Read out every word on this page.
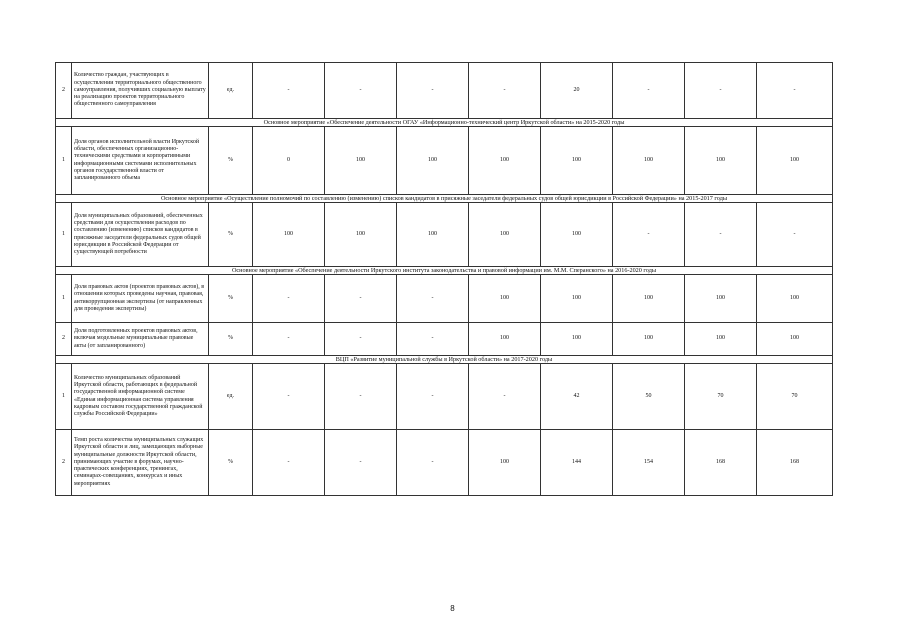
2	Количество граждан, участвующих в осуществлении территориального общественного самоуправления, получивших социальную выплату на реализацию проектов территориального общественного самоуправления	ед.	-	-	-	-	20	-	-	-
Основное мероприятие «Обеспечение деятельности ОГАУ «Информационно-технический центр Иркутской области» на 2015-2020 годы										
1	Доля органов исполнительной власти Иркутской области, обеспеченных организационно-техническими средствами и корпоративными информационными системами исполнительных органов государственной власти от запланированного объема	%	0	100	100	100	100	100	100	100
Основное мероприятие «Осуществление полномочий по составлению (изменению) списков кандидатов в присяжные заседатели федеральных судов общей юрисдикции в Российской Федерации» на 2015-2017 годы										
1	Доля муниципальных образований, обеспеченных средствами для осуществления расходов по составлению (изменению) списков кандидатов в присяжные заседатели федеральных судов общей юрисдикции в Российской Федерации от существующей потребности	%	100	100	100	100	100	-	-	-
Основное мероприятие «Обеспечение деятельности Иркутского института законодательства и правовой информации им. М.М. Сперанского» на 2016-2020 годы										
1	Доля правовых актов (проектов правовых актов), в отношении которых проведены научная, правовая, антикоррупционная экспертизы (от направленных для проведения экспертизы)	%	-	-	-	100	100	100	100	100
2	Доля подготовленных проектов правовых актов, включая модельные муниципальные правовые акты (от запланированного)	%	-	-	-	100	100	100	100	100
ВЦП «Развитие муниципальной службы в Иркутской области» на 2017-2020 годы										
1	Количество муниципальных образований Иркутской области, работающих в федеральной государственной информационной системе «Единая информационная система управления кадровым составом государственной гражданской службы Российской Федерации»	ед.	-	-	-	-	42	50	70	70
2	Темп роста количества муниципальных служащих Иркутской области и лиц, замещающих выборные муниципальные должности Иркутской области, принимающих участие в форумах, научно-практических конференциях, тренингах, семинарах-совещаниях, конкурсах и иных мероприятиях	%	-	-	-	100	144	154	168	168
8
